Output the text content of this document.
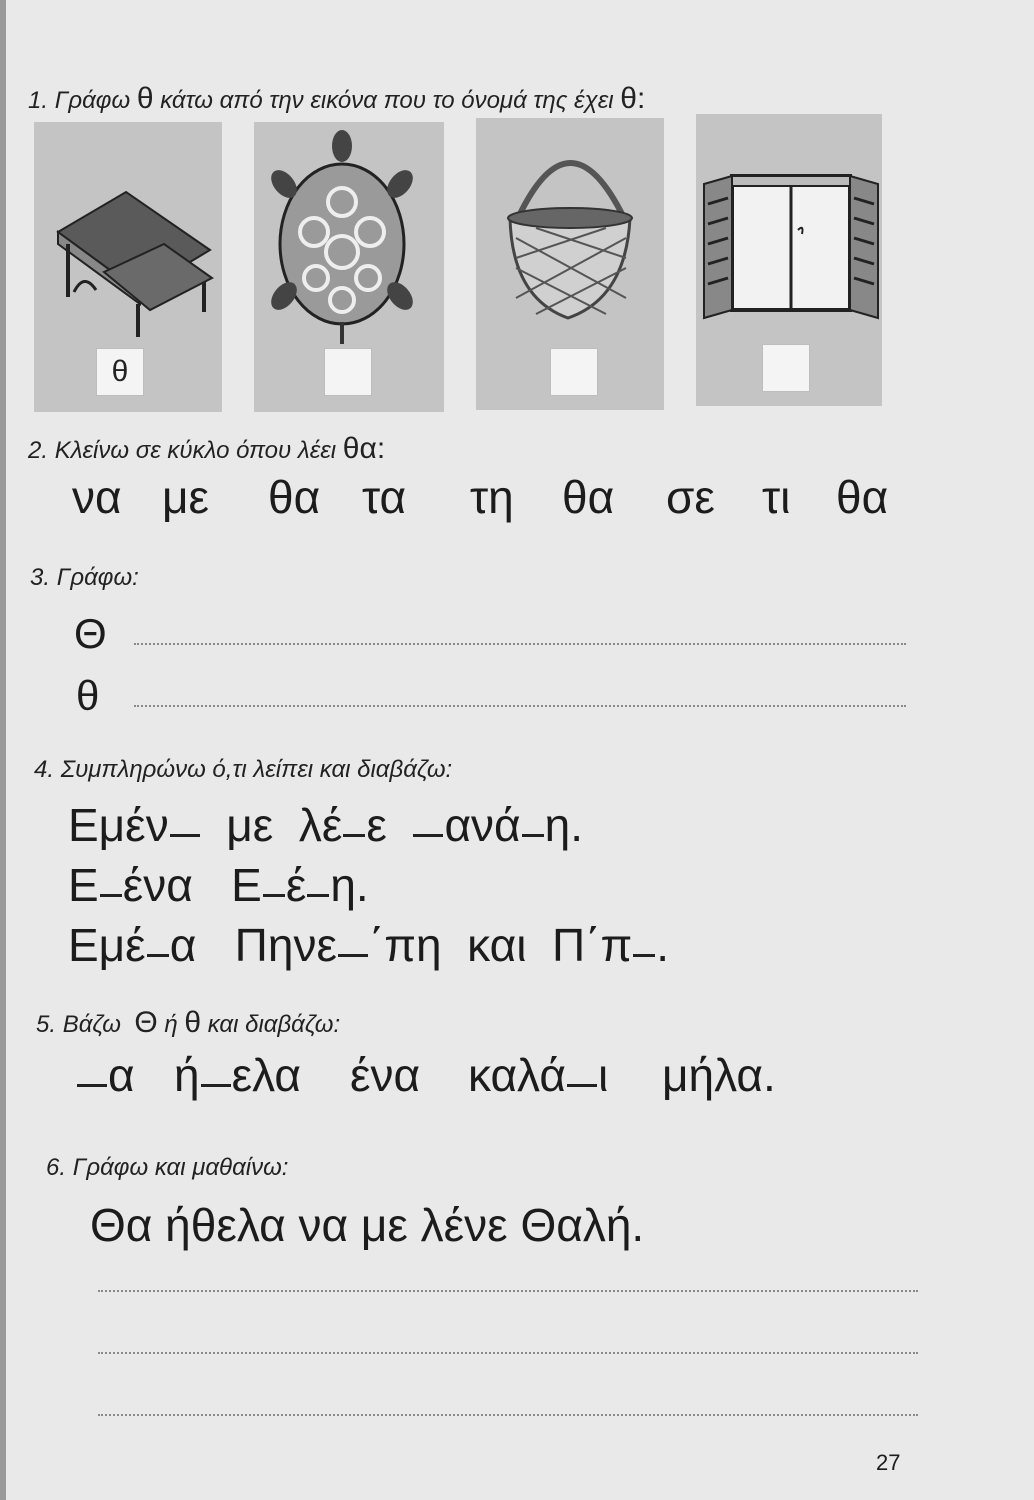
1. Γράφω θ κάτω από την εικόνα που το όνομά της έχει θ:
θ
2. Κλείνω σε κύκλο όπου λέει θα:
να με θα τα τη θα σε τι θα
3. Γράφω:
Θ
θ
4. Συμπληρώνω ό,τι λείπει και διαβάζω:
Εμέν με λέ ε ανά η.
Ε ένα Ε έ η.
Εμέ α Πηνε ΄πη και Π΄π .
5. Βάζω Θ ή θ και διαβάζω:
α ή ελα ένα καλά ι μήλα.
6. Γράφω και μαθαίνω:
Θα ήθελα να με λένε Θαλή.
27
